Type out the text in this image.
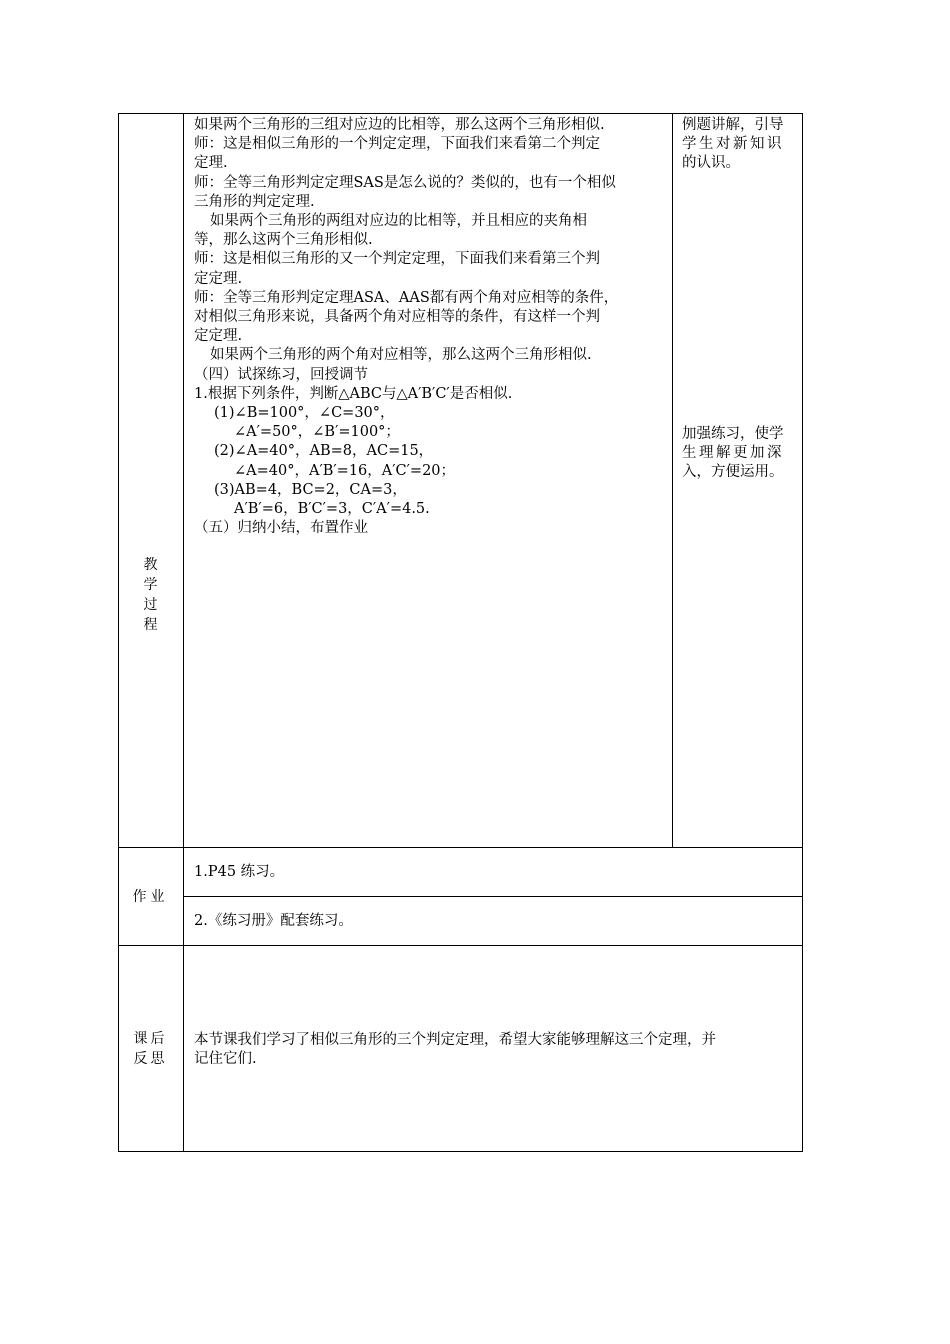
教
学
过
程
如果两个三角形的三组对应边的比相等，那么这两个三角形相似.
师：这是相似三角形的一个判定定理，下面我们来看第二个判定
定理.
师：全等三角形判定定理SAS是怎么说的？类似的，也有一个相似
三角形的判定定理.
如果两个三角形的两组对应边的比相等，并且相应的夹角相
等，那么这两个三角形相似.
师：这是相似三角形的又一个判定定理，下面我们来看第三个判
定定理.
师：全等三角形判定定理ASA、AAS都有两个角对应相等的条件，
对相似三角形来说，具备两个角对应相等的条件，有这样一个判
定定理.
如果两个三角形的两个角对应相等，那么这两个三角形相似.
（四）试探练习，回授调节
1.根据下列条件，判断△ABC与△A′B′C′是否相似.
(1)∠B=100°，∠C=30°，
∠A′=50°，∠B′=100°；
(2)∠A=40°，AB=8，AC=15，
∠A=40°，A′B′=16，A′C′=20；
(3)AB=4，BC=2，CA=3，
A′B′=6，B′C′=3，C′A′=4.5.
（五）归纳小结，布置作业
例题讲解，引导
学生对新知识
的认识。
加强练习，使学
生理解更加深
入，方便运用。
作业
1.P45 练习。
2.《练习册》配套练习。
课后
反思
本节课我们学习了相似三角形的三个判定定理，希望大家能够理解这三个定理，并
记住它们.
